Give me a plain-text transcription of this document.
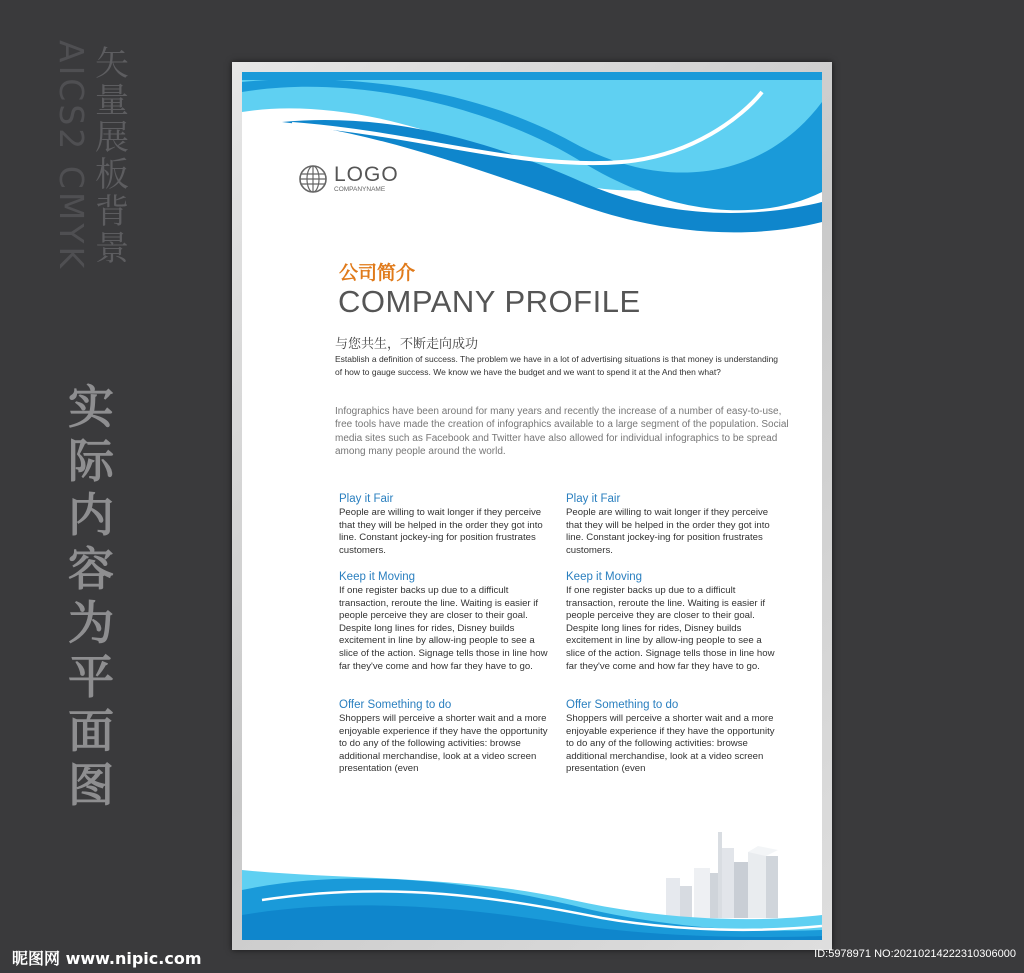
矢量展板背景
AICS2 CMYK
实际内容为平面图
LOGO
COMPANYNAME
公司简介
COMPANY PROFILE
与您共生，不断走向成功
Establish a definition of success. The problem we have in a lot of advertising situations is that money is understanding of how to gauge success. We know we have the budget and we want to spend it at the And then what?
Infographics have been around for many years and recently the increase of a number of easy-to-use, free tools have made the creation of infographics available to a large segment of the population. Social media sites such as Facebook and Twitter have also allowed for individual infographics to be spread among many people around the world.
Play it Fair

People are willing to wait longer if they perceive that they will be helped in the order they got into line. Constant jockey-ing for position frustrates customers.

Keep it Moving

If one register backs up due to a difficult transaction, reroute the line. Waiting is easier if people perceive they are closer to their goal. Despite long lines for rides, Disney builds excitement in line by allow-ing people to see a slice of the action. Signage tells those in line how far they've come and how far they have to go.

Offer Something to do

Shoppers will perceive a shorter wait and a more enjoyable experience if they have the opportunity to do any of the following activities: browse additional merchandise, look at a video screen presentation (even

Play it Fair

People are willing to wait longer if they perceive that they will be helped in the order they got into line. Constant jockey-ing for position frustrates customers.

Keep it Moving

If one register backs up due to a difficult transaction, reroute the line. Waiting is easier if people perceive they are closer to their goal. Despite long lines for rides, Disney builds excitement in line by allow-ing people to see a slice of the action. Signage tells those in line how far they've come and how far they have to go.

Offer Something to do

Shoppers will perceive a shorter wait and a more enjoyable experience if they have the opportunity to do any of the following activities: browse additional merchandise, look at a video screen presentation (even

昵图网 www.nipic.com	ID:5978971 NO:20210214222310306000
